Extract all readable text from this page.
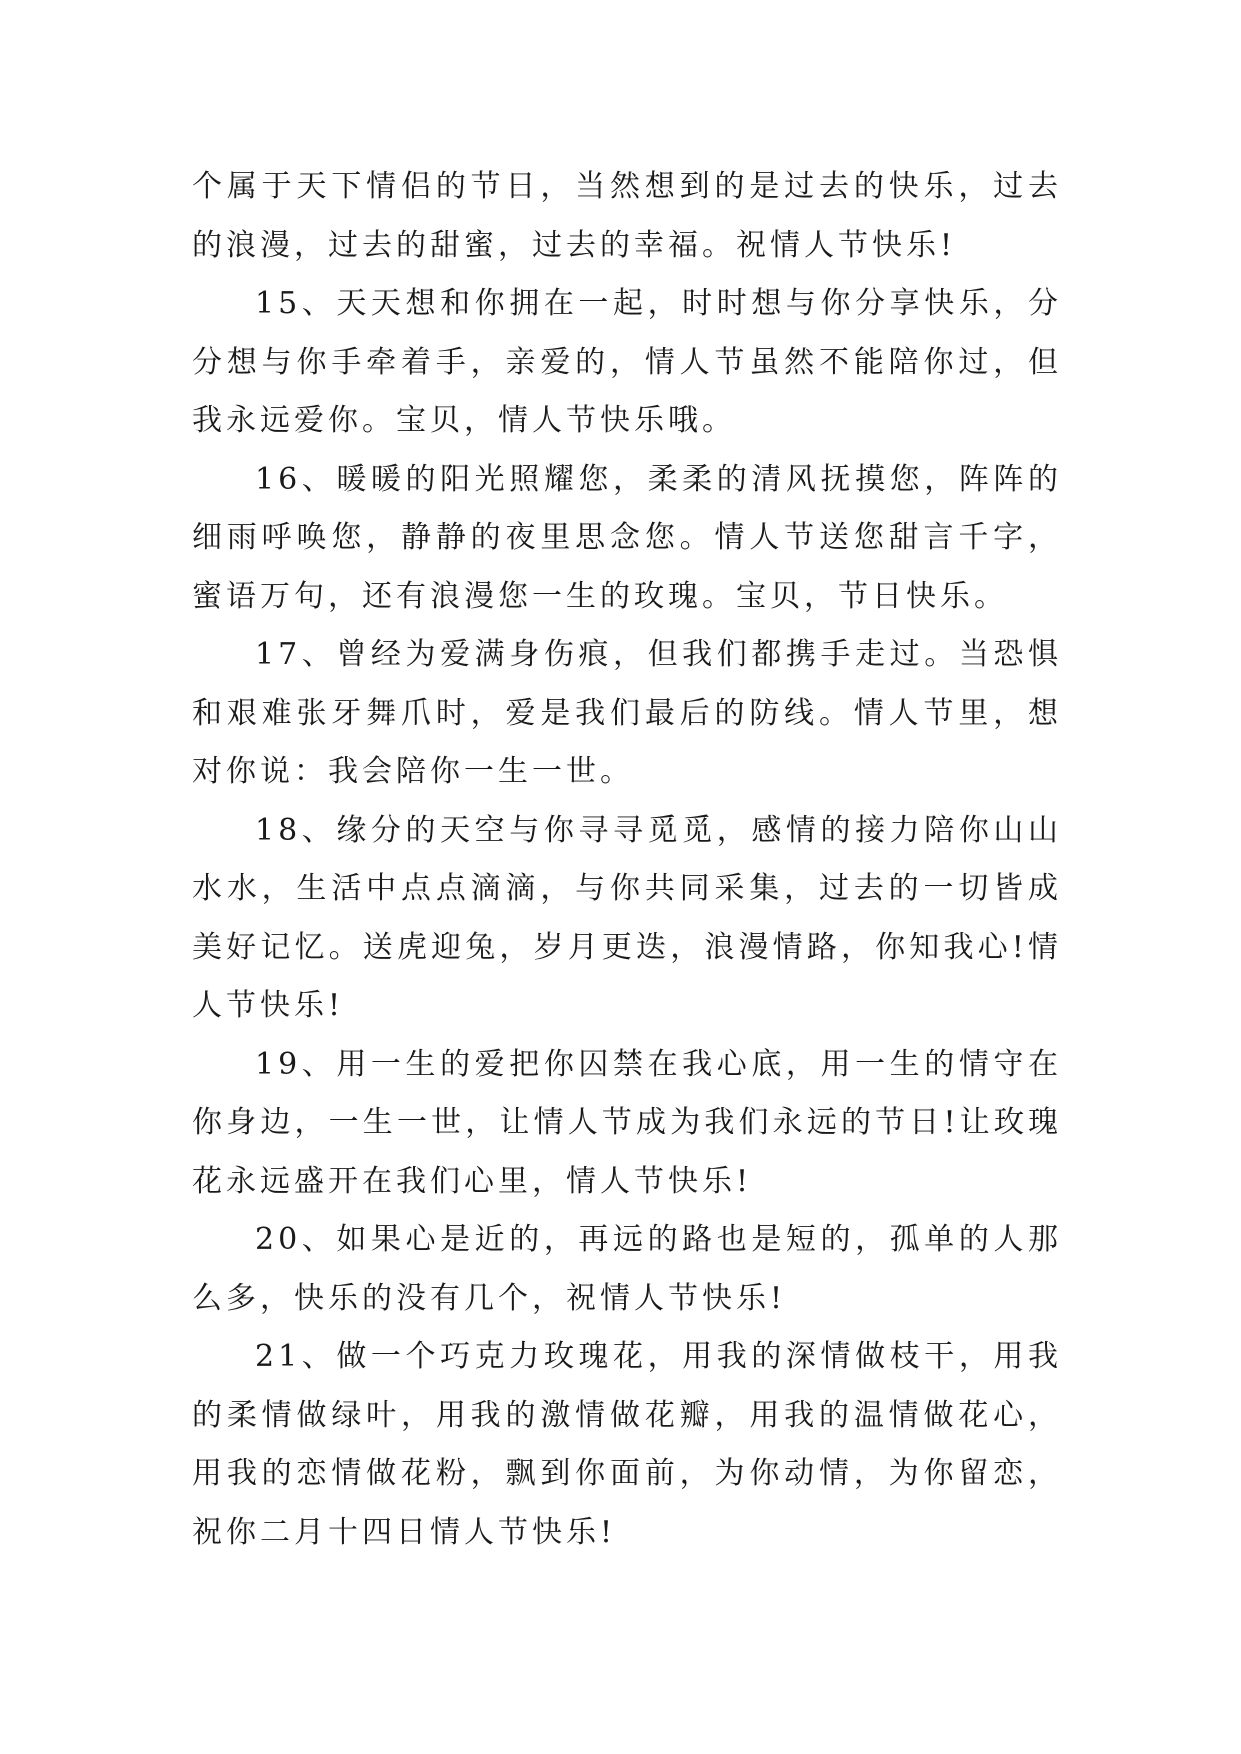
个属于天下情侣的节日，当然想到的是过去的快乐，过去的浪漫，过去的甜蜜，过去的幸福。祝情人节快乐!

15、天天想和你拥在一起，时时想与你分享快乐，分分想与你手牵着手，亲爱的，情人节虽然不能陪你过，但我永远爱你。宝贝，情人节快乐哦。

16、暖暖的阳光照耀您，柔柔的清风抚摸您，阵阵的细雨呼唤您，静静的夜里思念您。情人节送您甜言千字，蜜语万句，还有浪漫您一生的玫瑰。宝贝，节日快乐。

17、曾经为爱满身伤痕，但我们都携手走过。当恐惧和艰难张牙舞爪时，爱是我们最后的防线。情人节里，想对你说：我会陪你一生一世。

18、缘分的天空与你寻寻觅觅，感情的接力陪你山山水水，生活中点点滴滴，与你共同采集，过去的一切皆成美好记忆。送虎迎兔，岁月更迭，浪漫情路，你知我心!情人节快乐!

19、用一生的爱把你囚禁在我心底，用一生的情守在你身边，一生一世，让情人节成为我们永远的节日!让玫瑰花永远盛开在我们心里，情人节快乐!

20、如果心是近的，再远的路也是短的，孤单的人那么多，快乐的没有几个，祝情人节快乐!

21、做一个巧克力玫瑰花，用我的深情做枝干，用我的柔情做绿叶，用我的激情做花瓣，用我的温情做花心，用我的恋情做花粉，飘到你面前，为你动情，为你留恋，祝你二月十四日情人节快乐!
